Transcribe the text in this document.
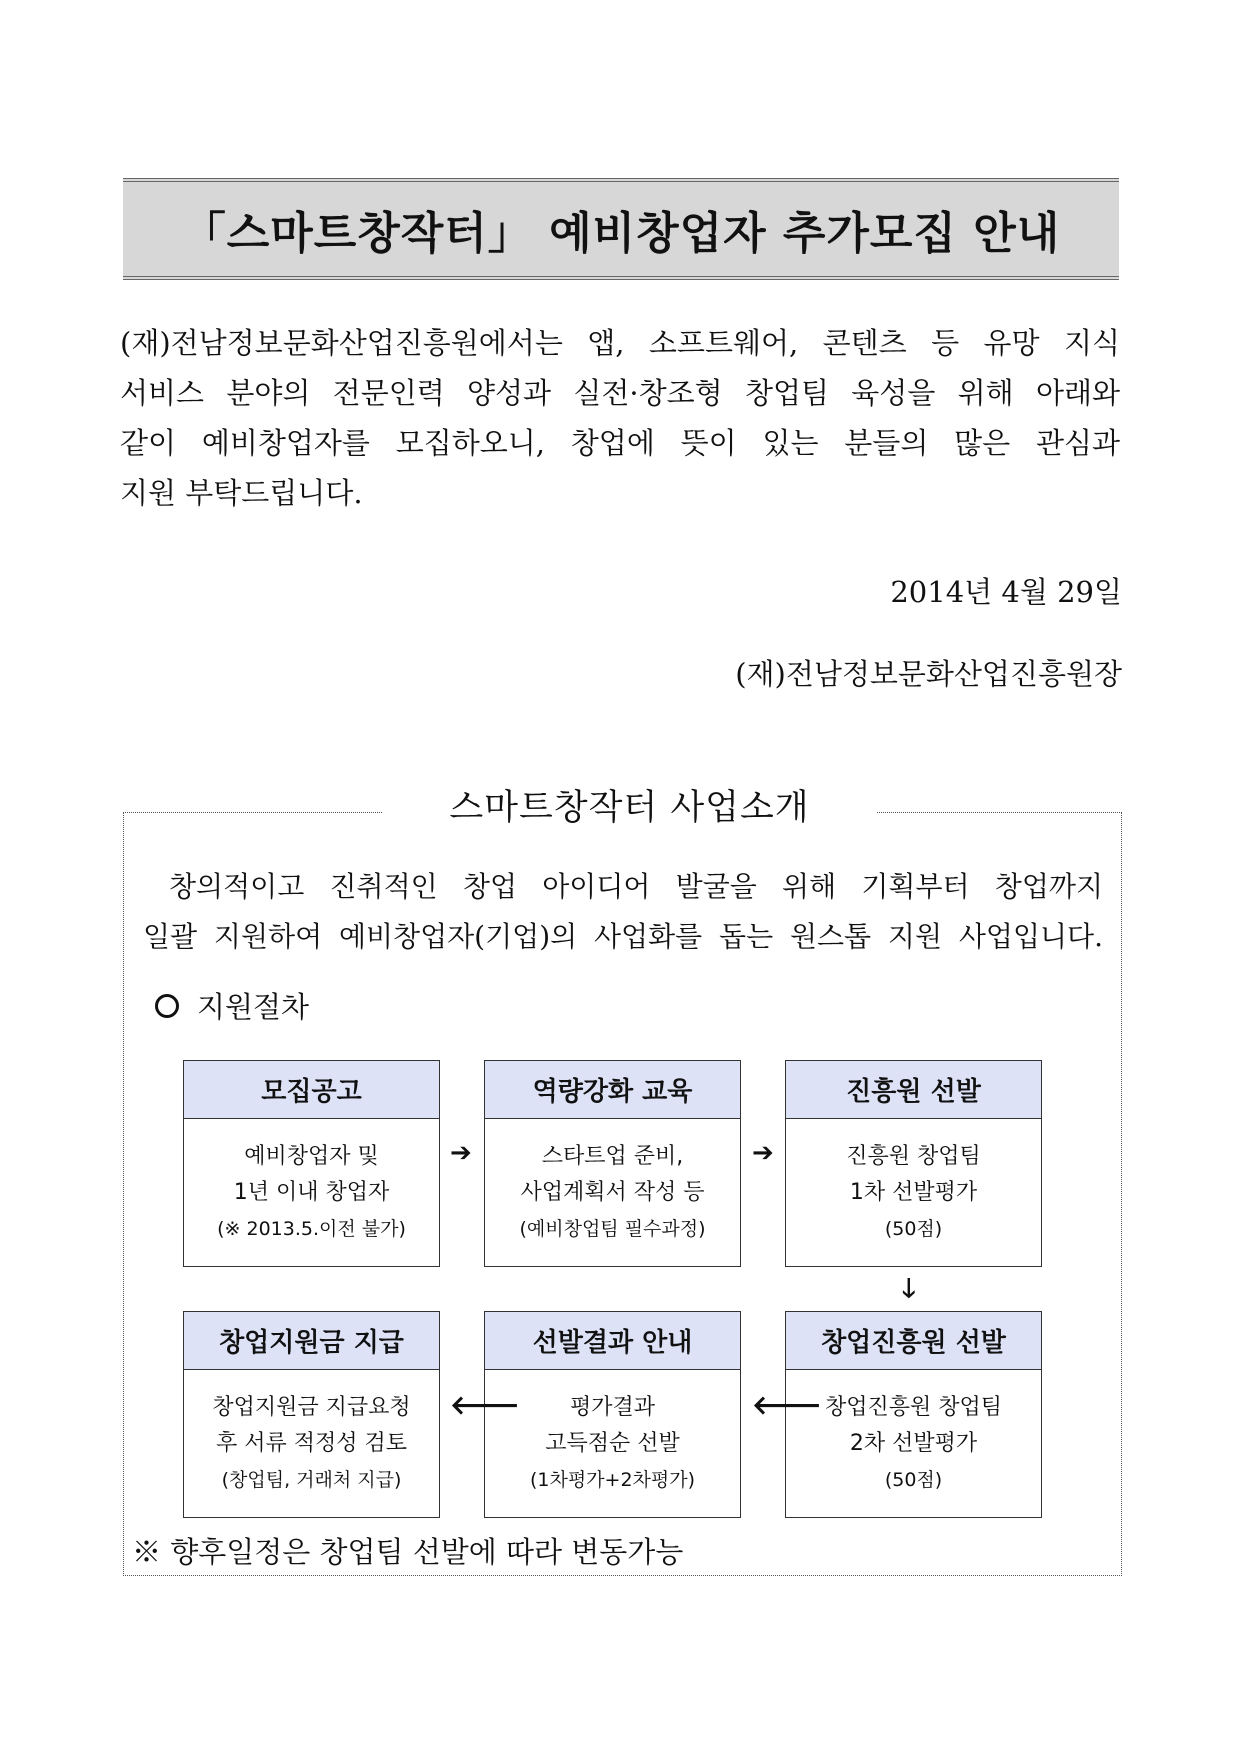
「스마트창작터」 예비창업자 추가모집 안내
(재)전남정보문화산업진흥원에서는 앱, 소프트웨어, 콘텐츠 등 유망 지식
서비스 분야의 전문인력 양성과 실전·창조형 창업팀 육성을 위해 아래와
같이 예비창업자를 모집하오니, 창업에 뜻이 있는 분들의 많은 관심과
지원 부탁드립니다.
2014년 4월 29일
(재)전남정보문화산업진흥원장
스마트창작터 사업소개
창의적이고 진취적인 창업 아이디어 발굴을 위해 기획부터 창업까지
일괄 지원하여 예비창업자(기업)의 사업화를 돕는 원스톱 지원 사업입니다.
지원절차
모집공고
예비창업자 및
1년 이내 창업자
(※ 2013.5.이전 불가)
➔
역량강화 교육
스타트업 준비,
사업계획서 작성 등
(예비창업팀 필수과정)
➔
진흥원 선발
진흥원 창업팀
1차 선발평가
(50점)
🡓
창업진흥원 선발
창업진흥원 창업팀
2차 선발평가
(50점)
🡐
선발결과 안내
평가결과
고득점순 선발
(1차평가+2차평가)
🡐
창업지원금 지급
창업지원금 지급요청
후 서류 적정성 검토
(창업팀, 거래처 지급)
※ 향후일정은 창업팀 선발에 따라 변동가능
